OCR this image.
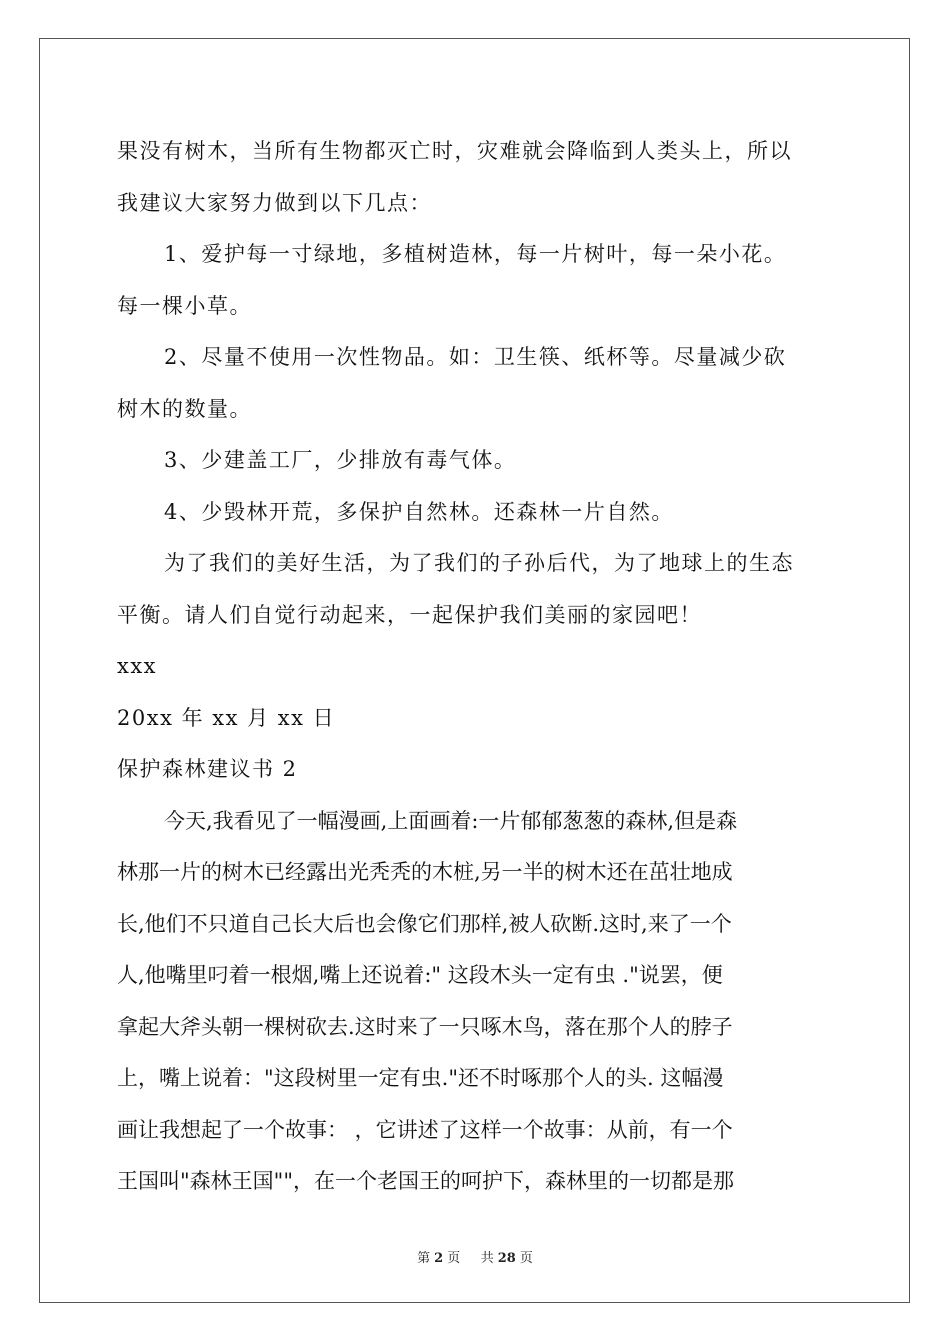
果没有树木，当所有生物都灭亡时，灾难就会降临到人类头上，所以
我建议大家努力做到以下几点：
1、爱护每一寸绿地，多植树造林，每一片树叶，每一朵小花。
每一棵小草。
2、尽量不使用一次性物品。如：卫生筷、纸杯等。尽量减少砍
树木的数量。
3、少建盖工厂，少排放有毒气体。
4、少毁林开荒，多保护自然林。还森林一片自然。
为了我们的美好生活，为了我们的子孙后代，为了地球上的生态
平衡。请人们自觉行动起来，一起保护我们美丽的家园吧！
xxx
20xx 年 xx 月 xx 日
保护森林建议书 2
今天,我看见了一幅漫画,上面画着:一片郁郁葱葱的森林,但是森
林那一片的树木已经露出光秃秃的木桩,另一半的树木还在茁壮地成
长,他们不只道自己长大后也会像它们那样,被人砍断.这时,来了一个
人,他嘴里叼着一根烟,嘴上还说着:" 这段木头一定有虫 ."说罢，便
拿起大斧头朝一棵树砍去.这时来了一只啄木鸟，落在那个人的脖子
上，嘴上说着："这段树里一定有虫."还不时啄那个人的头. 这幅漫
画让我想起了一个故事： ，它讲述了这样一个故事：从前，有一个
王国叫"森林王国""，在一个老国王的呵护下，森林里的一切都是那
第 2 页 共 28 页
